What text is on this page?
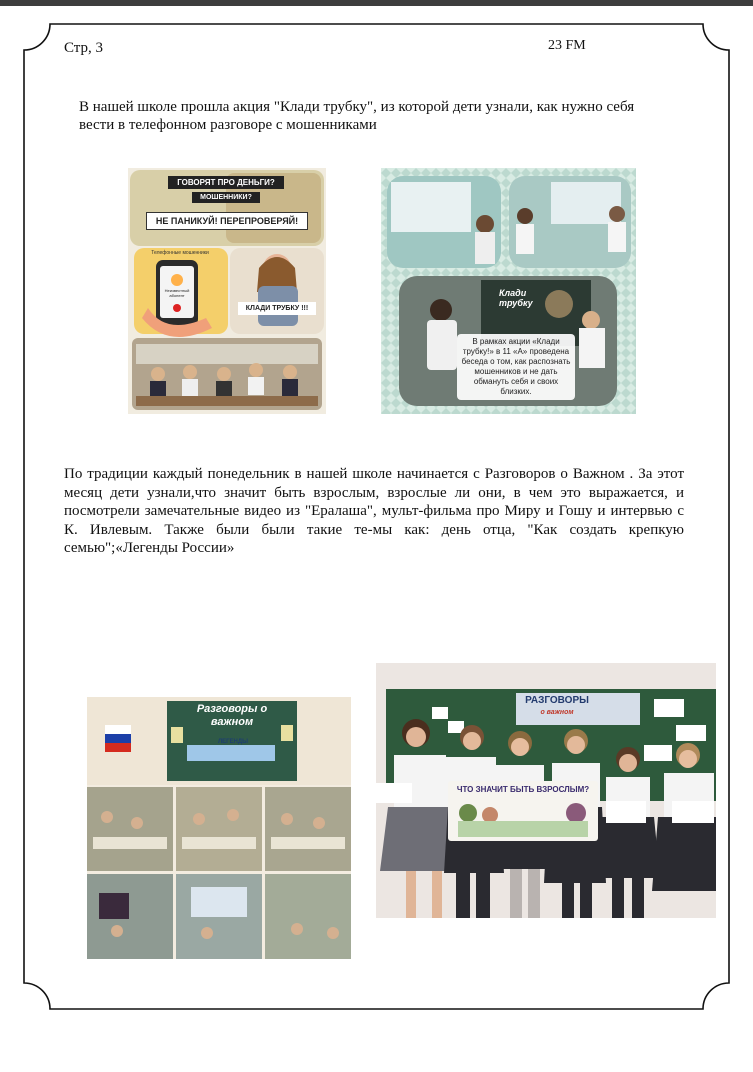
Стр, 3	23 FM
В нашей школе прошла акция "Клади трубку", из которой дети узнали, как нужно себя вести в телефонном разговоре с мошенниками
ГОВОРЯТ ПРО ДЕНЬГИ?
МОШЕННИКИ?
НЕ ПАНИКУЙ! ПЕРЕПРОВЕРЯЙ!
Телефонные мошенники
Неизвестный абонент
КЛАДИ ТРУБКУ !!!
Клади трубку
В рамках акции «Клади трубку!» в 11 «А» проведена беседа о том, как распознать мошенников и не дать обмануть себя и своих близких.
По традиции каждый понедельник в нашей школе начинается с Разговоров о Важном . За этот месяц дети узнали,что значит быть взрослым, взрослые ли они, в чем это выражается, и посмотрели замечательные видео из "Ералаша", мульт-фильма про Миру и Гошу и интервью с К. Ивлевым. Также были были такие те-мы как: день отца, "Как создать крепкую семью";«Легенды России»
Разговоры о важном
ЛЕГЕНДЫ
РАЗГОВОРЫ
о важном
ЧТО ЗНАЧИТ БЫТЬ ВЗРОСЛЫМ?
